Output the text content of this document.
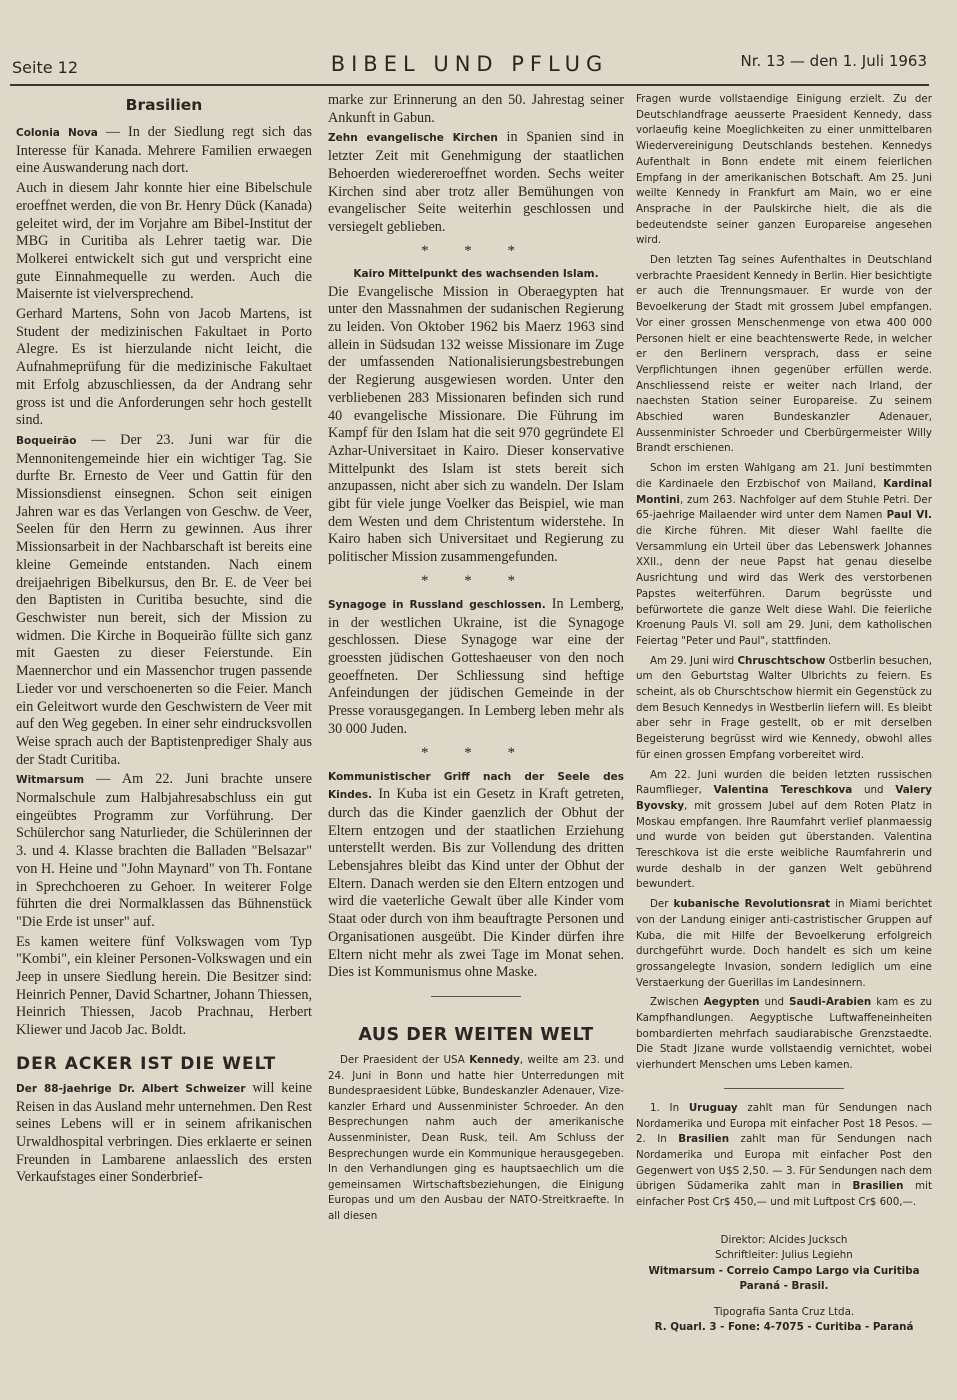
Seite 12	BIBEL UND PFLUG	Nr. 13 — den 1. Juli 1963
Brasilien

Colonia Nova — In der Siedlung regt sich das Interesse für Kanada. Mehrere Familien erwaegen eine Auswanderung nach dort.

Auch in diesem Jahr konnte hier eine Bibelschule eroeffnet werden, die von Br. Henry Dück (Kanada) geleitet wird, der im Vorjahre am Bibel-Institut der MBG in Curitiba als Lehrer taetig war. Die Molkerei entwickelt sich gut und verspricht eine gute Einnahmequelle zu werden. Auch die Maisernte ist vielversprechend.

Gerhard Martens, Sohn von Jacob Martens, ist Student der medizinischen Fakultaet in Porto Alegre. Es ist hierzulande nicht leicht, die Aufnahmeprüfung für die medizinische Fakultaet mit Erfolg abzuschliessen, da der Andrang sehr gross ist und die Anforderungen sehr hoch gestellt sind.

Boqueirão — Der 23. Juni war für die Mennonitengemeinde hier ein wichtiger Tag. Sie durfte Br. Ernesto de Veer und Gattin für den Missionsdienst einsegnen. Schon seit einigen Jahren war es das Verlangen von Geschw. de Veer, Seelen für den Herrn zu gewinnen. Aus ihrer Missionsarbeit in der Nachbarschaft ist bereits eine kleine Gemeinde entstanden. Nach einem dreijaehrigen Bibelkursus, den Br. E. de Veer bei den Baptisten in Curitiba besuchte, sind die Geschwister nun bereit, sich der Mission zu widmen. Die Kirche in Boqueirão füllte sich ganz mit Gaesten zu dieser Feierstunde. Ein Maennerchor und ein Massenchor trugen passende Lieder vor und verschoenerten so die Feier. Manch ein Geleitwort wurde den Geschwistern de Veer mit auf den Weg gegeben. In einer sehr eindrucksvollen Weise sprach auch der Baptistenprediger Shaly aus der Stadt Curitiba.

Witmarsum — Am 22. Juni brachte unsere Normalschule zum Halbjahresabschluss ein gut eingeübtes Programm zur Vorführung. Der Schülerchor sang Naturlieder, die Schülerinnen der 3. und 4. Klasse brachten die Balladen "Belsazar" von H. Heine und "John Maynard" von Th. Fontane in Sprechchoeren zu Gehoer. In weiterer Folge führten die drei Normalklassen das Bühnenstück "Die Erde ist unser" auf.

Es kamen weitere fünf Volkswagen vom Typ "Kombi", ein kleiner Personen-Volkswagen und ein Jeep in unsere Siedlung herein. Die Besitzer sind: Heinrich Penner, David Schartner, Johann Thiessen, Heinrich Thiessen, Jacob Prachnau, Herbert Kliewer und Jacob Jac. Boldt.

DER ACKER IST DIE WELT

Der 88-jaehrige Dr. Albert Schweizer will keine Reisen in das Ausland mehr unternehmen. Den Rest seines Lebens will er in seinem afrikanischen Urwaldhospital verbringen. Dies erklaerte er seinen Freunden in Lambarene anlaesslich des ersten Verkaufstages einer Sonderbrief-

marke zur Erinnerung an den 50. Jahrestag seiner Ankunft in Gabun.

Zehn evangelische Kirchen in Spanien sind in letzter Zeit mit Genehmigung der staatlichen Behoerden wiedereroeffnet worden. Sechs weiter Kirchen sind aber trotz aller Bemühungen von evangelischer Seite weiterhin geschlossen und versiegelt geblieben.

* * *
Kairo Mittelpunkt des wachsenden Islam.

Die Evangelische Mission in Oberaegypten hat unter den Massnahmen der sudanischen Regierung zu leiden. Von Oktober 1962 bis Maerz 1963 sind allein in Südsudan 132 weisse Missionare im Zuge der umfassenden Nationalisierungsbestrebungen der Regierung ausgewiesen worden. Unter den verbliebenen 283 Missionaren befinden sich rund 40 evangelische Missionare. Die Führung im Kampf für den Islam hat die seit 970 gegründete El Azhar-Universitaet in Kairo. Dieser konservative Mittelpunkt des Islam ist stets bereit sich anzupassen, nicht aber sich zu wandeln. Der Islam gibt für viele junge Voelker das Beispiel, wie man dem Westen und dem Christentum widerstehe. In Kairo haben sich Universitaet und Regierung zu politischer Mission zusammengefunden.

* * *

Synagoge in Russland geschlossen. In Lemberg, in der westlichen Ukraine, ist die Synagoge geschlossen. Diese Synagoge war eine der groessten jüdischen Gotteshaeuser von den noch geoeffneten. Der Schliessung sind heftige Anfeindungen der jüdischen Gemeinde in der Presse vorausgegangen. In Lemberg leben mehr als 30 000 Juden.

* * *

Kommunistischer Griff nach der Seele des Kindes. In Kuba ist ein Gesetz in Kraft getreten, durch das die Kinder gaenzlich der Obhut der Eltern entzogen und der staatlichen Erziehung unterstellt werden. Bis zur Vollendung des dritten Lebensjahres bleibt das Kind unter der Obhut der Eltern. Danach werden sie den Eltern entzogen und wird die vaeterliche Gewalt über alle Kinder vom Staat oder durch von ihm beauftragte Personen und Organisationen ausgeübt. Die Kinder dürfen ihre Eltern nicht mehr als zwei Tage im Monat sehen. Dies ist Kommunismus ohne Maske.

AUS DER WEITEN WELT

Der Praesident der USA Kennedy, weilte am 23. und 24. Juni in Bonn und hatte hier Unterredungen mit Bundespraesident Lübke, Bundeskanzler Adenauer, Vize-kanzler Erhard und Aussenminister Schroeder. An den Besprechungen nahm auch der amerikanische Aussenminister, Dean Rusk, teil. Am Schluss der Besprechungen wurde ein Kommunique herausgegeben. In den Verhandlungen ging es hauptsaechlich um die gemeinsamen Wirtschaftsbeziehungen, die Einigung Europas und um den Ausbau der NATO-Streitkraefte. In all diesen

Fragen wurde vollstaendige Einigung erzielt. Zu der Deutschlandfrage aeusserte Praesident Kennedy, dass vorlaeufig keine Moeglichkeiten zu einer unmittelbaren Wiedervereinigung Deutschlands bestehen. Kennedys Aufenthalt in Bonn endete mit einem feierlichen Empfang in der amerikanischen Botschaft. Am 25. Juni weilte Kennedy in Frankfurt am Main, wo er eine Ansprache in der Paulskirche hielt, die als die bedeutendste seiner ganzen Europareise angesehen wird.

Den letzten Tag seines Aufenthaltes in Deutschland verbrachte Praesident Kennedy in Berlin. Hier besichtigte er auch die Trennungsmauer. Er wurde von der Bevoelkerung der Stadt mit grossem Jubel empfangen. Vor einer grossen Menschenmenge von etwa 400 000 Personen hielt er eine beachtenswerte Rede, in welcher er den Berlinern versprach, dass er seine Verpflichtungen ihnen gegenüber erfüllen werde. Anschliessend reiste er weiter nach Irland, der naechsten Station seiner Europareise. Zu seinem Abschied waren Bundeskanzler Adenauer, Aussenminister Schroeder und Cberbürgermeister Willy Brandt erschienen.

Schon im ersten Wahlgang am 21. Juni bestimmten die Kardinaele den Erzbischof von Mailand, Kardinal Montini, zum 263. Nachfolger auf dem Stuhle Petri. Der 65-jaehrige Mailaender wird unter dem Namen Paul VI. die Kirche führen. Mit dieser Wahl faellte die Versammlung ein Urteil über das Lebenswerk Johannes XXII., denn der neue Papst hat genau dieselbe Ausrichtung und wird das Werk des verstorbenen Papstes weiterführen. Darum begrüsste und befürwortete die ganze Welt diese Wahl. Die feierliche Kroenung Pauls VI. soll am 29. Juni, dem katholischen Feiertag "Peter und Paul", stattfinden.

Am 29. Juni wird Chruschtschow Ostberlin besuchen, um den Geburtstag Walter Ulbrichts zu feiern. Es scheint, als ob Churschtschow hiermit ein Gegenstück zu dem Besuch Kennedys in Westberlin liefern will. Es bleibt aber sehr in Frage gestellt, ob er mit derselben Begeisterung begrüsst wird wie Kennedy, obwohl alles für einen grossen Empfang vorbereitet wird.

Am 22. Juni wurden die beiden letzten russischen Raumflieger, Valentina Tereschkova und Valery Byovsky, mit grossem Jubel auf dem Roten Platz in Moskau empfangen. Ihre Raumfahrt verlief planmaessig und wurde von beiden gut überstanden. Valentina Tereschkova ist die erste weibliche Raumfahrerin und wurde deshalb in der ganzen Welt gebührend bewundert.

Der kubanische Revolutionsrat in Miami berichtet von der Landung einiger anti-castristischer Gruppen auf Kuba, die mit Hilfe der Bevoelkerung erfolgreich durchgeführt wurde. Doch handelt es sich um keine grossangelegte Invasion, sondern lediglich um eine Verstaerkung der Guerillas im Landesinnern.

Zwischen Aegypten und Saudi-Arabien kam es zu Kampfhandlungen. Aegyptische Luftwaffeneinheiten bombardierten mehrfach saudiarabische Grenzstaedte. Die Stadt Jizane wurde vollstaendig vernichtet, wobei vierhundert Menschen ums Leben kamen.

1. In Uruguay zahlt man für Sendungen nach Nordamerika und Europa mit einfacher Post 18 Pesos. — 2. In Brasilien zahlt man für Sendungen nach Nordamerika und Europa mit einfacher Post den Gegenwert von U$S 2,50. — 3. Für Sendungen nach dem übrigen Südamerika zahlt man in Brasilien mit einfacher Post Cr$ 450,— und mit Luftpost Cr$ 600,—.

Direktor: Alcides Jucksch
Schriftleiter: Julius Legiehn
Witmarsum - Correio Campo Largo via Curitiba
Paraná - Brasil.
Tipografia Santa Cruz Ltda.
R. Quarl. 3 - Fone: 4-7075 - Curitiba - Paraná
